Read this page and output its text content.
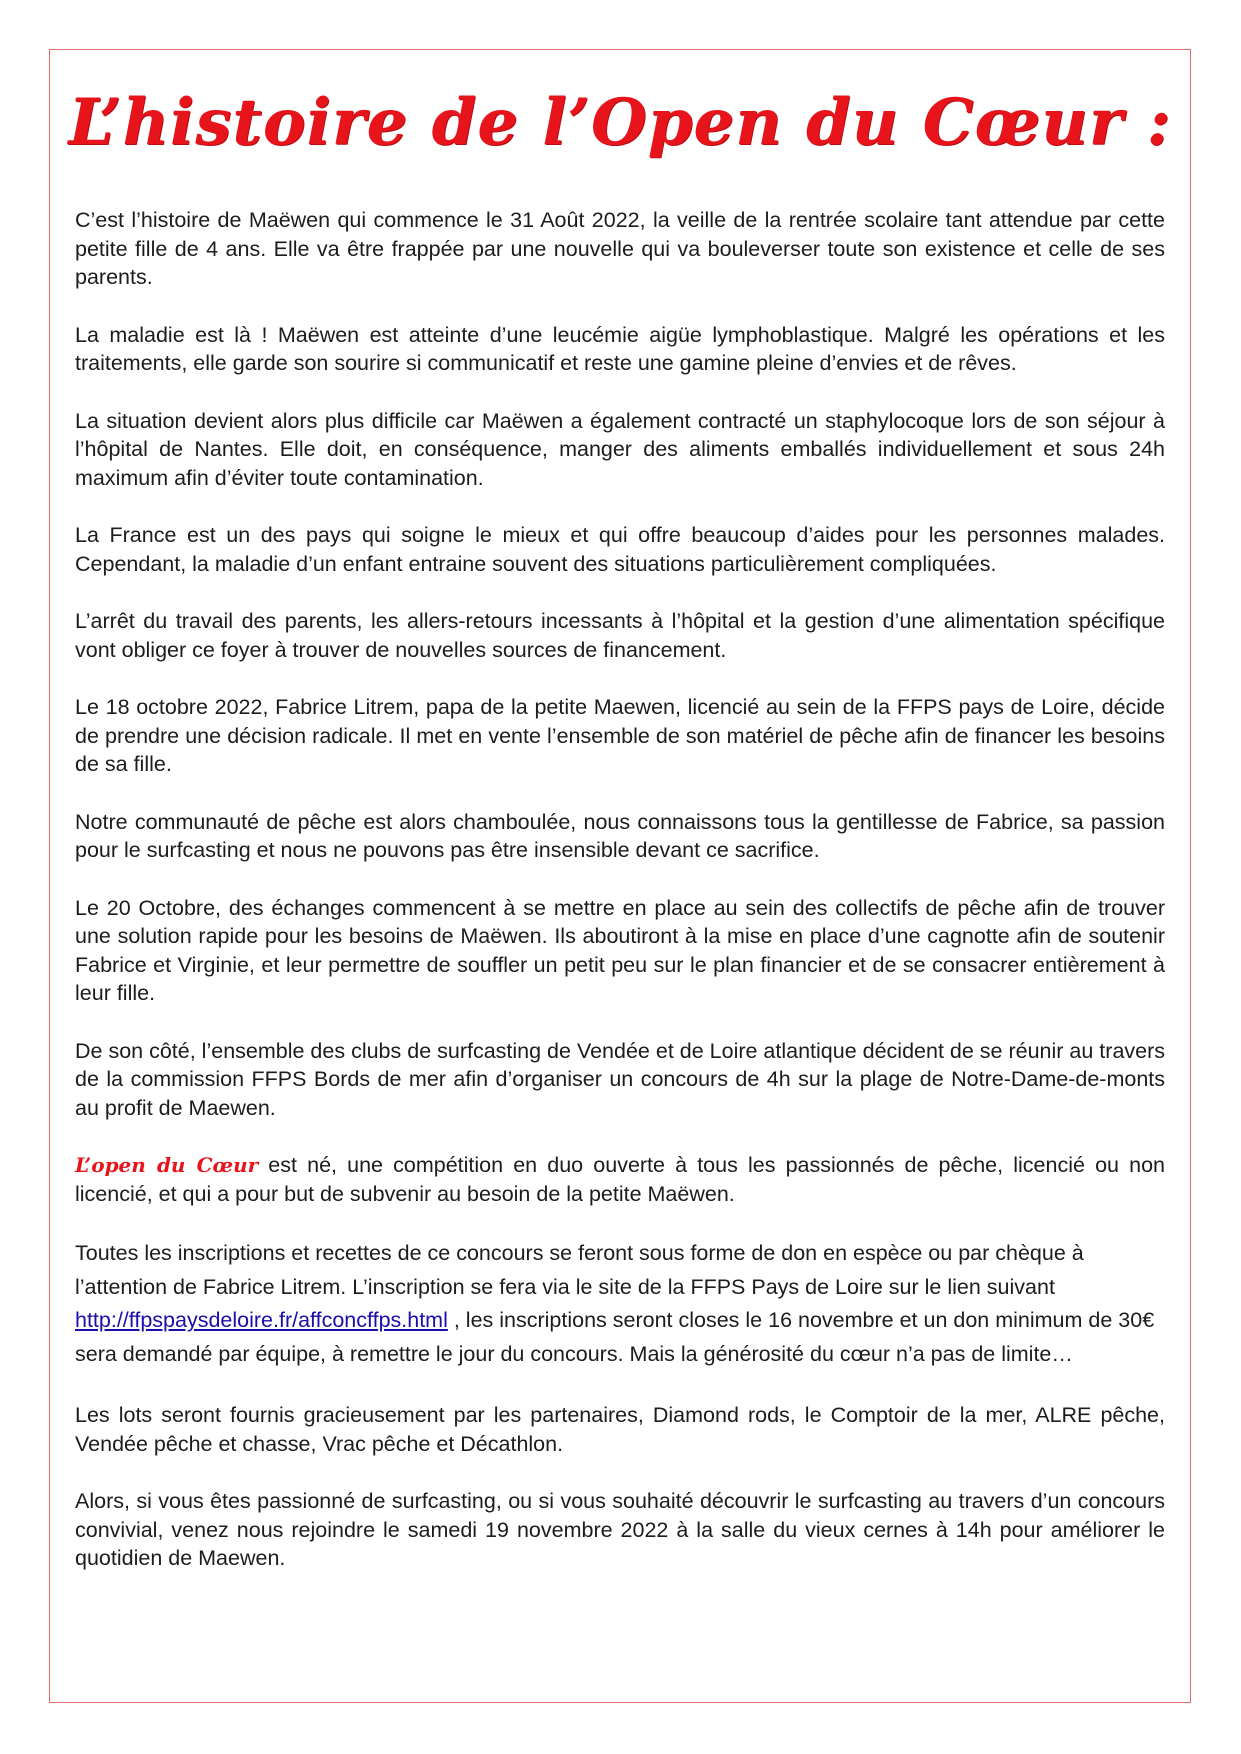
L’histoire de l’Open du Cœur :

C’est l’histoire de Maëwen qui commence le 31 Août 2022, la veille de la rentrée scolaire tant attendue par cette petite fille de 4 ans. Elle va être frappée par une nouvelle qui va bouleverser toute son existence et celle de ses parents.

La maladie est là ! Maëwen est atteinte d’une leucémie aigüe lymphoblastique. Malgré les opérations et les traitements, elle garde son sourire si communicatif et reste une gamine pleine d’envies et de rêves.

La situation devient alors plus difficile car Maëwen a également contracté un staphylocoque lors de son séjour à l’hôpital de Nantes. Elle doit, en conséquence, manger des aliments emballés individuellement et sous 24h maximum afin d’éviter toute contamination.

La France est un des pays qui soigne le mieux et qui offre beaucoup d’aides pour les personnes malades. Cependant, la maladie d’un enfant entraine souvent des situations particulièrement compliquées.

L’arrêt du travail des parents, les allers-retours incessants à l’hôpital et la gestion d’une alimentation spécifique vont obliger ce foyer à trouver de nouvelles sources de financement.

Le 18 octobre 2022, Fabrice Litrem, papa de la petite Maewen, licencié au sein de la FFPS pays de Loire, décide de prendre une décision radicale. Il met en vente l’ensemble de son matériel de pêche afin de financer les besoins de sa fille.

Notre communauté de pêche est alors chamboulée, nous connaissons tous la gentillesse de Fabrice, sa passion pour le surfcasting et nous ne pouvons pas être insensible devant ce sacrifice.

Le 20 Octobre, des échanges commencent à se mettre en place au sein des collectifs de pêche afin de trouver une solution rapide pour les besoins de Maëwen. Ils aboutiront à la mise en place d’une cagnotte afin de soutenir Fabrice et Virginie, et leur permettre de souffler un petit peu sur le plan financier et de se consacrer entièrement à leur fille.

De son côté, l’ensemble des clubs de surfcasting de Vendée et de Loire atlantique décident de se réunir au travers de la commission FFPS Bords de mer afin d’organiser un concours de 4h sur la plage de Notre-Dame-de-monts au profit de Maewen.

L’open du Cœur est né, une compétition en duo ouverte à tous les passionnés de pêche, licencié ou non licencié, et qui a pour but de subvenir au besoin de la petite Maëwen.

Toutes les inscriptions et recettes de ce concours se feront sous forme de don en espèce ou par chèque à l’attention de Fabrice Litrem. L’inscription se fera via le site de la FFPS Pays de Loire sur le lien suivant http://ffpspaysdeloire.fr/affconcffps.html , les inscriptions seront closes le 16 novembre et un don minimum de 30€ sera demandé par équipe, à remettre le jour du concours. Mais la générosité du cœur n’a pas de limite…

Les lots seront fournis gracieusement par les partenaires, Diamond rods, le Comptoir de la mer, ALRE pêche, Vendée pêche et chasse, Vrac pêche et Décathlon.

Alors, si vous êtes passionné de surfcasting, ou si vous souhaité découvrir le surfcasting au travers d’un concours convivial, venez nous rejoindre le samedi 19 novembre 2022 à la salle du vieux cernes à 14h pour améliorer le quotidien de Maewen.
